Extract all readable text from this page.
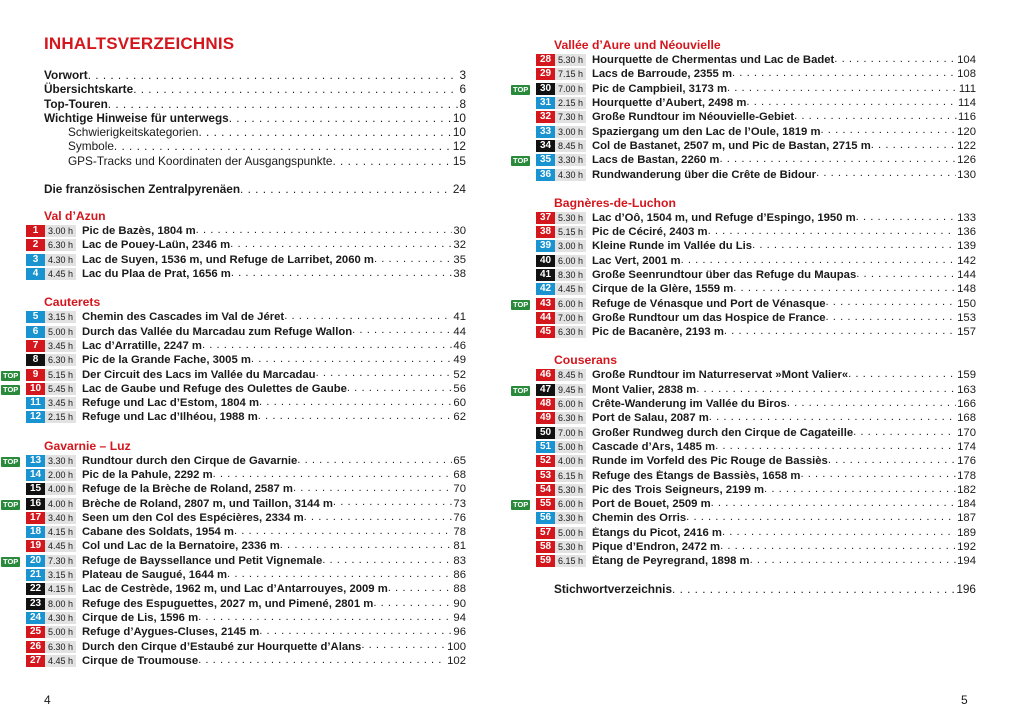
INHALTSVERZEICHNIS
Vorwort . . .	3
Übersichtskarte . . .	6
Top-Touren . . .	8
Wichtige Hinweise für unterwegs . . .	10
Schwierigkeitskategorien . . .	10
Symbole . . .	12
GPS-Tracks und Koordinaten der Ausgangspunkte . . .	15
Die französischen Zentralpyrenäen . . .	24
Val d’Azun
1	3.00 h Pic de Bazès, 1804 m . . .	30
2	6.30 h Lac de Pouey-Laün, 2346 m . . .	32
3	4.30 h Lac de Suyen, 1536 m, und Refuge de Larribet, 2060 m . . .	35
4	4.45 h Lac du Plaa de Prat, 1656 m . . .	38
Cauterets
5	3.15 h Chemin des Cascades im Val de Jéret . . .	41
6	5.00 h Durch das Vallée du Marcadau zum Refuge Wallon . . .	44
7	3.45 h Lac d’Arratille, 2247 m . . .	46
8	6.30 h Pic de la Grande Fache, 3005 m . . .	49
TOP	9	5.15 h Der Circuit des Lacs im Vallée du Marcadau . . .	52
TOP	10 5.45 h Lac de Gaube und Refuge des Oulettes de Gaube . . .	56
11 3.45 h Refuge und Lac d’Estom, 1804 m . . .	60
12 2.15 h Refuge und Lac d’Ilhéou, 1988 m . . .	62
Gavarnie – Luz
TOP	13 3.30 h Rundtour durch den Cirque de Gavarnie . . .	65
14 2.00 h Pic de la Pahule, 2292 m . . .	68
15 4.00 h Refuge de la Brèche de Roland, 2587 m . . .	70
TOP	16 4.00 h Brèche de Roland, 2807 m, und Taillon, 3144 m . . .	73
17 3.40 h Seen um den Col des Espécières, 2334 m . . .	76
18 4.15 h Cabane des Soldats, 1954 m . . .	78
19 4.45 h Col und Lac de la Bernatoire, 2336 m . . .	81
TOP	20 7.30 h Refuge de Bayssellance und Petit Vignemale . . .	83
21 3.15 h Plateau de Saugué, 1644 m . . .	86
22 4.15 h Lac de Cestrède, 1962 m, und Lac d’Antarrouyes, 2009 m . . .	88
23 8.00 h Refuge des Espuguettes, 2027 m, und Pimené, 2801 m . . .	90
24 4.30 h Cirque de Lis, 1596 m . . .	94
25 5.00 h Refuge d’Aygues-Cluses, 2145 m . . .	96
26 6.30 h Durch den Cirque d’Estaubé zur Hourquette d’Alans . . .	100
27 4.45 h Cirque de Troumouse . . .	102
4
Vallée d’Aure und Néouvielle
28 5.30 h Hourquette de Chermentas und Lac de Badet . . .	104
29 7.15 h Lacs de Barroude, 2355 m . . .	108
TOP	30 7.00 h Pic de Campbieil, 3173 m . . .	111
31 2.15 h Hourquette d’Aubert, 2498 m . . .	114
32 7.30 h Große Rundtour im Néouvielle-Gebiet . . .	116
33 3.00 h Spaziergang um den Lac de l’Oule, 1819 m . . .	120
34 8.45 h Col de Bastanet, 2507 m, und Pic de Bastan, 2715 m . . .	122
TOP	35 3.30 h Lacs de Bastan, 2260 m . . .	126
36 4.30 h Rundwanderung über die Crête de Bidour . . .	130
Bagnères-de-Luchon
37 5.30 h Lac d’Oô, 1504 m, und Refuge d’Espingo, 1950 m . . .	133
38 5.15 h Pic de Céciré, 2403 m . . .	136
39 3.00 h Kleine Runde im Vallée du Lis . . .	139
40 6.00 h Lac Vert, 2001 m . . .	142
41 8.30 h Große Seenrundtour über das Refuge du Maupas . . .	144
42 4.45 h Cirque de la Glère, 1559 m . . .	148
TOP	43 6.00 h Refuge de Vénasque und Port de Vénasque . . .	150
44 7.00 h Große Rundtour um das Hospice de France . . .	153
45 6.30 h Pic de Bacanère, 2193 m . . .	157
Couserans
46 8.45 h Große Rundtour im Naturreservat »Mont Valier« . . .	159
TOP	47 9.45 h Mont Valier, 2838 m . . .	163
48 6.00 h Crête-Wanderung im Vallée du Biros . . .	166
49 6.30 h Port de Salau, 2087 m . . .	168
50 7.00 h Großer Rundweg durch den Cirque de Cagateille . . .	170
51 5.00 h Cascade d’Ars, 1485 m . . .	174
52 4.00 h Runde im Vorfeld des Pic Rouge de Bassiès . . .	176
53 6.15 h Refuge des Étangs de Bassiès, 1658 m . . .	178
54 5.30 h Pic des Trois Seigneurs, 2199 m . . .	182
TOP	55 6.00 h Port de Bouet, 2509 m . . .	184
56 3.30 h Chemin des Orris . . .	187
57 5.00 h Étangs du Picot, 2416 m . . .	189
58 5.30 h Pique d’Endron, 2472 m . . .	192
59 6.15 h Étang de Peyregrand, 1898 m . . .	194
Stichwortverzeichnis . . .	196
5
